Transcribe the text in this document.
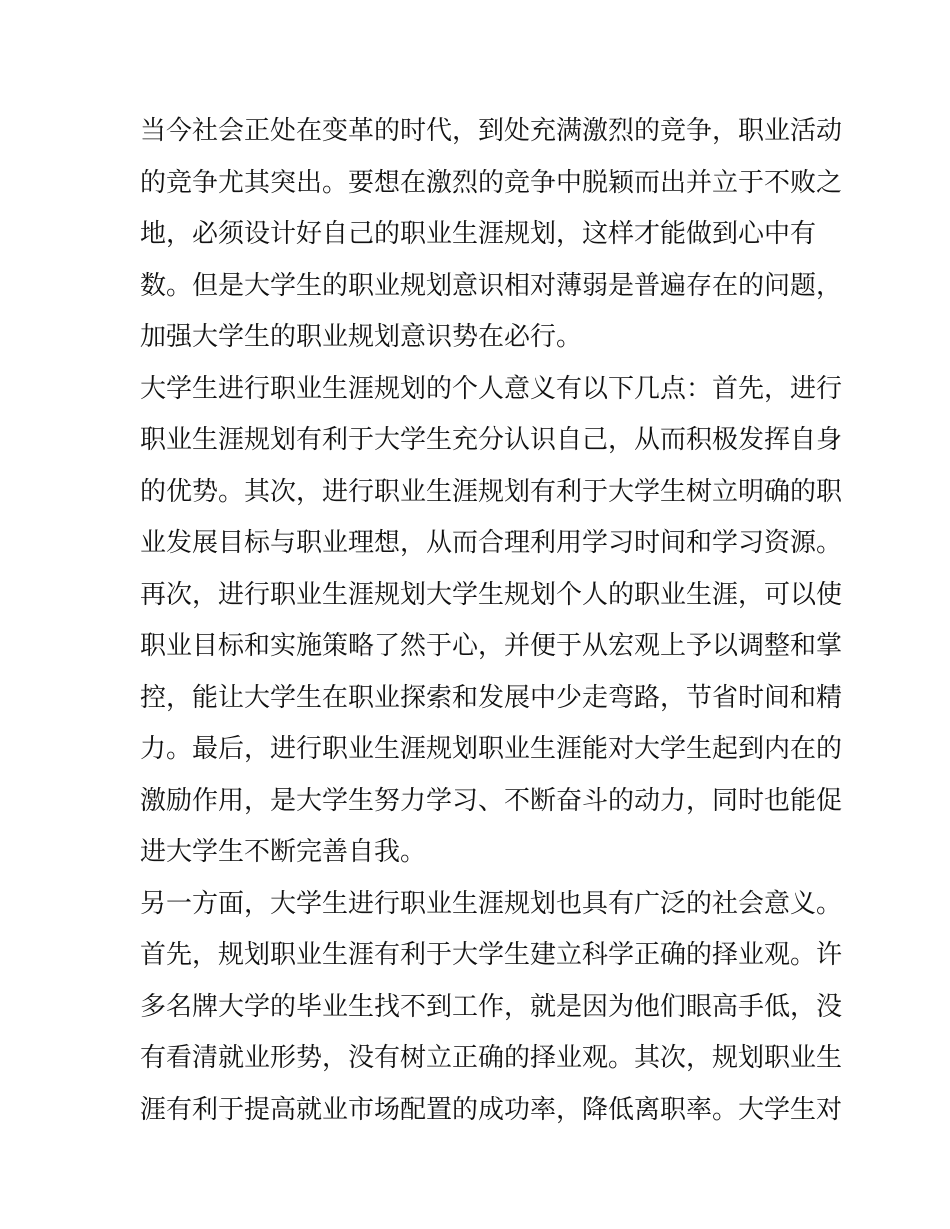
当今社会正处在变革的时代，到处充满激烈的竞争，职业活动
的竞争尤其突出。要想在激烈的竞争中脱颖而出并立于不败之
地，必须设计好自己的职业生涯规划，这样才能做到心中有
数。但是大学生的职业规划意识相对薄弱是普遍存在的问题，
加强大学生的职业规划意识势在必行。
大学生进行职业生涯规划的个人意义有以下几点：首先，进行
职业生涯规划有利于大学生充分认识自己，从而积极发挥自身
的优势。其次，进行职业生涯规划有利于大学生树立明确的职
业发展目标与职业理想，从而合理利用学习时间和学习资源。
再次，进行职业生涯规划大学生规划个人的职业生涯，可以使
职业目标和实施策略了然于心，并便于从宏观上予以调整和掌
控，能让大学生在职业探索和发展中少走弯路，节省时间和精
力。最后，进行职业生涯规划职业生涯能对大学生起到内在的
激励作用，是大学生努力学习、不断奋斗的动力，同时也能促
进大学生不断完善自我。
另一方面，大学生进行职业生涯规划也具有广泛的社会意义。
首先，规划职业生涯有利于大学生建立科学正确的择业观。许
多名牌大学的毕业生找不到工作，就是因为他们眼高手低，没
有看清就业形势，没有树立正确的择业观。其次，规划职业生
涯有利于提高就业市场配置的成功率，降低离职率。大学生对
